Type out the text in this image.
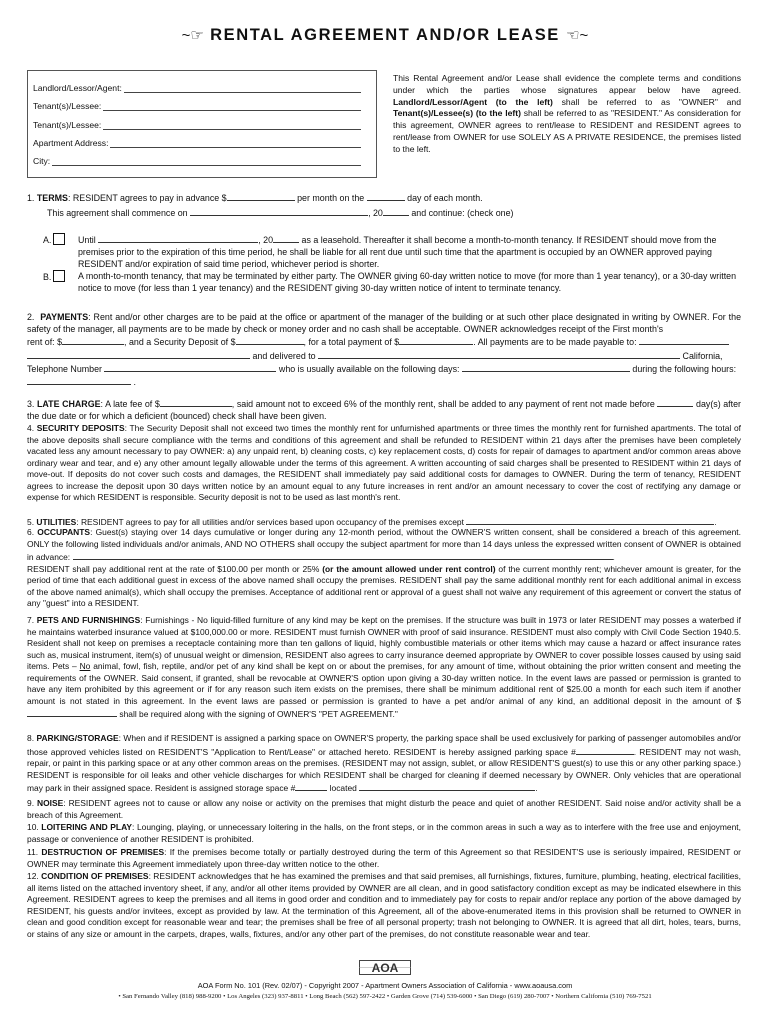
~☞ RENTAL AGREEMENT AND/OR LEASE ☜~
Landlord/Lessor/Agent:
Tenant(s)/Lessee:
Tenant(s)/Lessee:
Apartment Address:
City:
This Rental Agreement and/or Lease shall evidence the complete terms and conditions under which the parties whose signatures appear below have agreed. Landlord/Lessor/Agent (to the left) shall be referred to as "OWNER" and Tenant(s)/Lessee(s) (to the left) shall be referred to as "RESIDENT." As consideration for this agreement, OWNER agrees to rent/lease to RESIDENT and RESIDENT agrees to rent/lease from OWNER for use SOLELY AS A PRIVATE RESIDENCE, the premises listed to the left.
1. TERMS: RESIDENT agrees to pay in advance $	per month on the	day of each month.
This agreement shall commence on	, 20	and continue: (check one)
A.	Until	, 20	as a leasehold. Thereafter it shall become a month-to-month tenancy. If RESIDENT should move from the premises prior to the expiration of this time period, he shall be liable for all rent due until such time that the apartment is occupied by an OWNER approved paying RESIDENT and/or expiration of said time period, whichever period is shorter.
B.	A month-to-month tenancy, that may be terminated by either party. The OWNER giving 60-day written notice to move (for more than 1 year tenancy), or a 30-day written notice to move (for less than 1 year tenancy) and the RESIDENT giving 30-day written notice of intent to terminate tenancy.
2. PAYMENTS: Rent and/or other charges are to be paid at the office or apartment of the manager of the building or at such other place designated in writing by OWNER. For the safety of the manager, all payments are to be made by check or money order and no cash shall be acceptable. OWNER acknowledges receipt of the First month's
rent of: $	, and a Security Deposit of $	, for a total payment of $	. All payments are to be made payable to:
and delivered to	California,
Telephone Number	who is usually available on the following days:	during the following hours:
.
3. LATE CHARGE: A late fee of $	, said amount not to exceed 6% of the monthly rent, shall be added to any payment of rent not made before	day(s) after the due date or for which a deficient (bounced) check shall have been given.
4. SECURITY DEPOSITS: The Security Deposit shall not exceed two times the monthly rent for unfurnished apartments or three times the monthly rent for furnished apartments. The total of the above deposits shall secure compliance with the terms and conditions of this agreement and shall be refunded to RESIDENT within 21 days after the premises have been completely vacated less any amount necessary to pay OWNER: a) any unpaid rent, b) cleaning costs, c) key replacement costs, d) costs for repair of damages to apartment and/or common areas above ordinary wear and tear, and e) any other amount legally allowable under the terms of this agreement. A written accounting of said charges shall be presented to RESIDENT within 21 days of move-out. If deposits do not cover such costs and damages, the RESIDENT shall immediately pay said additional costs for damages to OWNER. During the term of tenancy, RESIDENT agrees to increase the deposit upon 30 days written notice by an amount equal to any future increases in rent and/or an amount necessary to cover the cost of rectifying any damage or expense for which RESIDENT is responsible. Security deposit is not to be used as last month's rent.
5. UTILITIES: RESIDENT agrees to pay for all utilities and/or services based upon occupancy of the premises except	.
6. OCCUPANTS: Guest(s) staying over 14 days cumulative or longer during any 12-month period, without the OWNER'S written consent, shall be considered a breach of this agreement. ONLY the following listed individuals and/or animals, AND NO OTHERS shall occupy the subject apartment for more than 14 days unless the expressed written consent of OWNER is obtained in advance:	.
RESIDENT shall pay additional rent at the rate of $100.00 per month or 25% (or the amount allowed under rent control) of the current monthly rent; whichever amount is greater, for the period of time that each additional guest in excess of the above named shall occupy the premises. RESIDENT shall pay the same additional monthly rent for each additional animal in excess of the above named animal(s), which shall occupy the premises. Acceptance of additional rent or approval of a guest shall not waive any requirement of this agreement or convert the status of any "guest" into a RESIDENT.
7. PETS AND FURNISHINGS: Furnishings - No liquid-filled furniture of any kind may be kept on the premises. If the structure was built in 1973 or later RESIDENT may posses a waterbed if he maintains waterbed insurance valued at $100,000.00 or more. RESIDENT must furnish OWNER with proof of said insurance. RESIDENT must also comply with Civil Code Section 1940.5. Resident shall not keep on premises a receptacle containing more than ten gallons of liquid, highly combustible materials or other items which may cause a hazard or affect insurance rates such as, musical instrument, item(s) of unusual weight or dimension, RESIDENT also agrees to carry insurance deemed appropriate by OWNER to cover possible losses caused by using said items. Pets – No animal, fowl, fish, reptile, and/or pet of any kind shall be kept on or about the premises, for any amount of time, without obtaining the prior written consent and meeting the requirements of the OWNER. Said consent, if granted, shall be revocable at OWNER'S option upon giving a 30-day written notice. In the event laws are passed or permission is granted to have any item prohibited by this agreement or if for any reason such item exists on the premises, there shall be minimum additional rent of $25.00 a month for each such item if another amount is not stated in this agreement. In the event laws are passed or permission is granted to have a pet and/or animal of any kind, an additional deposit in the amount of $ shall be required along with the signing of OWNER'S "PET AGREEMENT."
8. PARKING/STORAGE: When and if RESIDENT is assigned a parking space on OWNER'S property, the parking space shall be used exclusively for parking of passenger automobiles and/or those approved vehicles listed on RESIDENT'S "Application to Rent/Lease" or attached hereto. RESIDENT is hereby assigned parking space #	. RESIDENT may not wash, repair, or paint in this parking space or at any other common areas on the premises. (RESIDENT may not assign, sublet, or allow RESIDENT'S guest(s) to use this or any other parking space.) RESIDENT is responsible for oil leaks and other vehicle discharges for which RESIDENT shall be charged for cleaning if deemed necessary by OWNER. Only vehicles that are operational may park in their assigned space. Resident is assigned storage space #	located	.
9. NOISE: RESIDENT agrees not to cause or allow any noise or activity on the premises that might disturb the peace and quiet of another RESIDENT. Said noise and/or activity shall be a breach of this Agreement.
10. LOITERING AND PLAY: Lounging, playing, or unnecessary loitering in the halls, on the front steps, or in the common areas in such a way as to interfere with the free use and enjoyment, passage or convenience of another RESIDENT is prohibited.
11. DESTRUCTION OF PREMISES: If the premises become totally or partially destroyed during the term of this Agreement so that RESIDENT'S use is seriously impaired, RESIDENT or OWNER may terminate this Agreement immediately upon three-day written notice to the other.
12. CONDITION OF PREMISES: RESIDENT acknowledges that he has examined the premises and that said premises, all furnishings, fixtures, furniture, plumbing, heating, electrical facilities, all items listed on the attached inventory sheet, if any, and/or all other items provided by OWNER are all clean, and in good satisfactory condition except as may be indicated elsewhere in this Agreement. RESIDENT agrees to keep the premises and all items in good order and condition and to immediately pay for costs to repair and/or replace any portion of the above damaged by RESIDENT, his guests and/or invitees, except as provided by law. At the termination of this Agreement, all of the above-enumerated items in this provision shall be returned to OWNER in clean and good condition except for reasonable wear and tear; the premises shall be free of all personal property; trash not belonging to OWNER. It is agreed that all dirt, holes, tears, burns, or stains of any size or amount in the carpets, drapes, walls, fixtures, and/or any other part of the premises, do not constitute reasonable wear and tear.
AOA
AOA Form No. 101 (Rev. 02/07) - Copyright 2007 - Apartment Owners Association of California - www.aoausa.com
• San Fernando Valley (818) 988-9200 • Los Angeles (323) 937-8811 • Long Beach (562) 597-2422 • Garden Grove (714) 539-6000 • San Diego (619) 280-7007 • Northern California (510) 769-7521
